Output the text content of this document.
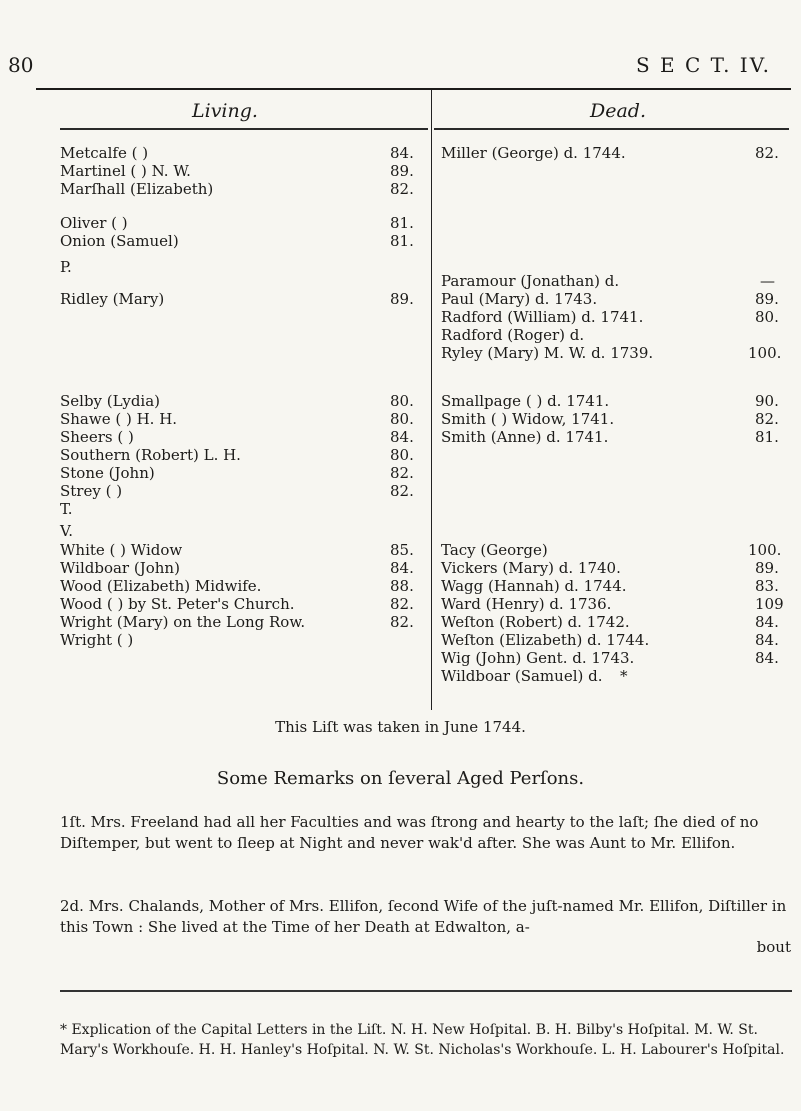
80	S E C T. IV.
Living.	Dead.
Metcalfe ( )	84.
Martinel ( ) N. W.	89.
Marſhall (Elizabeth)	82.
Oliver ( )	81.
Onion (Samuel)	81.
P.
Ridley (Mary)	89.
Selby (Lydia)	80.
Shawe ( ) H. H.	80.
Sheers ( )	84.
Southern (Robert) L. H.	80.
Stone (John)	82.
Strey ( )	82.
T.
V.
White ( ) Widow	85.
Wildboar (John)	84.
Wood (Elizabeth) Midwife.	88.
Wood ( ) by St. Peter's Church.	82.
Wright (Mary) on the Long Row.	82.
Wright ( )
Miller (George) d. 1744.	82.
Paramour (Jonathan) d.	—
Paul (Mary) d. 1743.	89.
Radford (William) d. 1741.	80.
Radford (Roger) d.
Ryley (Mary) M. W. d. 1739.	100.
Smallpage ( ) d. 1741.	90.
Smith ( ) Widow, 1741.	82.
Smith (Anne) d. 1741.	81.
Tacy (George)	100.
Vickers (Mary) d. 1740.	89.
Wagg (Hannah) d. 1744.	83.
Ward (Henry) d. 1736.	109
Weſton (Robert) d. 1742.	84.
Weſton (Elizabeth) d. 1744.	84.
Wig (John) Gent. d. 1743.	84.
Wildboar (Samuel) d. *
This Liſt was taken in June 1744.
Some Remarks on ſeveral Aged Perſons.
1ſt. Mrs. Freeland had all her Faculties and was ſtrong and hearty to the laſt; ſhe died of no Diſtemper, but went to ſleep at Night and never wak'd after. She was Aunt to Mr. Ellifon.
2d. Mrs. Chalands, Mother of Mrs. Ellifon, ſecond Wife of the juſt-named Mr. Ellifon, Diſtiller in this Town : She lived at the Time of her Death at Edwalton, a-
bout
* Explication of the Capital Letters in the Liſt. N. H. New Hoſpital. B. H. Bilby's Hoſpital. M. W. St. Mary's Workhouſe. H. H. Hanley's Hoſpital. N. W. St. Nicholas's Workhouſe. L. H. Labourer's Hoſpital.
